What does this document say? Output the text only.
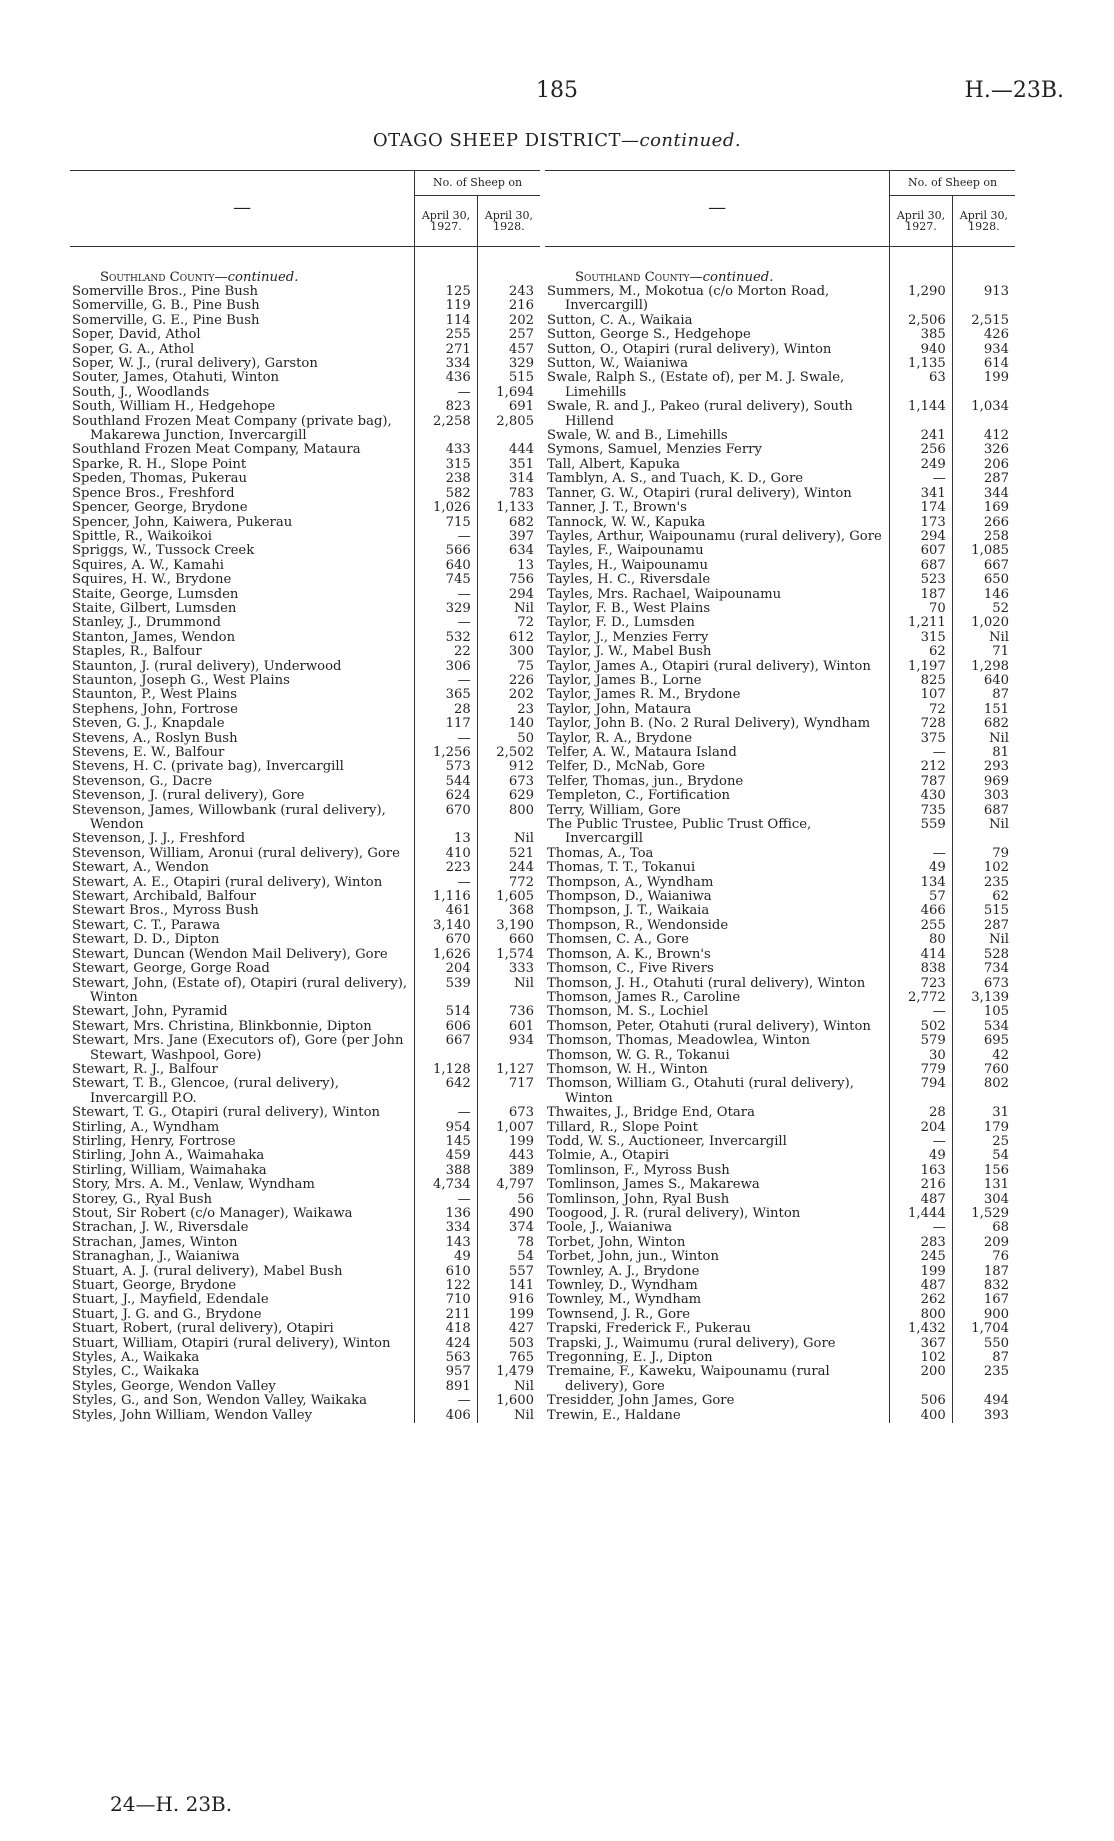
185	H.—23B.
OTAGO SHEEP DISTRICT—continued.
—	No. of Sheep on	
	April 30, 1927.	April 30, 1928.
Southland County—continued.		

Somerville Bros., Pine Bush	125	243

Somerville, G. B., Pine Bush	119	216

Somerville, G. E., Pine Bush	114	202

Soper, David, Athol	255	257

Soper, G. A., Athol	271	457

Soper, W. J., (rural delivery), Garston	334	329

Souter, James, Otahuti, Winton	436	515

South, J., Woodlands	—	1,694

South, William H., Hedgehope	823	691

Southland Frozen Meat Company (private bag), Makarewa Junction, Invercargill	2,258	2,805

Southland Frozen Meat Company, Mataura	433	444

Sparke, R. H., Slope Point	315	351

Speden, Thomas, Pukerau	238	314

Spence Bros., Freshford	582	783

Spencer, George, Brydone	1,026	1,133

Spencer, John, Kaiwera, Pukerau	715	682

Spittle, R., Waikoikoi	—	397

Spriggs, W., Tussock Creek	566	634

Squires, A. W., Kamahi	640	13

Squires, H. W., Brydone	745	756

Staite, George, Lumsden	—	294

Staite, Gilbert, Lumsden	329	Nil

Stanley, J., Drummond	—	72

Stanton, James, Wendon	532	612

Staples, R., Balfour	22	300

Staunton, J. (rural delivery), Underwood	306	75

Staunton, Joseph G., West Plains	—	226

Staunton, P., West Plains	365	202

Stephens, John, Fortrose	28	23

Steven, G. J., Knapdale	117	140

Stevens, A., Roslyn Bush	—	50

Stevens, E. W., Balfour	1,256	2,502

Stevens, H. C. (private bag), Invercargill	573	912

Stevenson, G., Dacre	544	673

Stevenson, J. (rural delivery), Gore	624	629

Stevenson, James, Willowbank (rural delivery), Wendon	670	800

Stevenson, J. J., Freshford	13	Nil

Stevenson, William, Aronui (rural delivery), Gore	410	521

Stewart, A., Wendon	223	244

Stewart, A. E., Otapiri (rural delivery), Winton	—	772

Stewart, Archibald, Balfour	1,116	1,605

Stewart Bros., Myross Bush	461	368

Stewart, C. T., Parawa	3,140	3,190

Stewart, D. D., Dipton	670	660

Stewart, Duncan (Wendon Mail Delivery), Gore	1,626	1,574

Stewart, George, Gorge Road	204	333

Stewart, John, (Estate of), Otapiri (rural delivery), Winton	539	Nil

Stewart, John, Pyramid	514	736

Stewart, Mrs. Christina, Blinkbonnie, Dipton	606	601

Stewart, Mrs. Jane (Executors of), Gore (per John Stewart, Washpool, Gore)	667	934

Stewart, R. J., Balfour	1,128	1,127

Stewart, T. B., Glencoe, (rural delivery), Invercargill P.O.	642	717

Stewart, T. G., Otapiri (rural delivery), Winton	—	673

Stirling, A., Wyndham	954	1,007

Stirling, Henry, Fortrose	145	199

Stirling, John A., Waimahaka	459	443

Stirling, William, Waimahaka	388	389

Story, Mrs. A. M., Venlaw, Wyndham	4,734	4,797

Storey, G., Ryal Bush	—	56

Stout, Sir Robert (c/o Manager), Waikawa	136	490

Strachan, J. W., Riversdale	334	374

Strachan, James, Winton	143	78

Stranaghan, J., Waianiwa	49	54

Stuart, A. J. (rural delivery), Mabel Bush	610	557

Stuart, George, Brydone	122	141

Stuart, J., Mayfield, Edendale	710	916

Stuart, J. G. and G., Brydone	211	199

Stuart, Robert, (rural delivery), Otapiri	418	427

Stuart, William, Otapiri (rural delivery), Winton	424	503

Styles, A., Waikaka	563	765

Styles, C., Waikaka	957	1,479

Styles, George, Wendon Valley	891	Nil

Styles, G., and Son, Wendon Valley, Waikaka	—	1,600

Styles, John William, Wendon Valley	406	Nil
—	No. of Sheep on	
	April 30, 1927.	April 30, 1928.
Southland County—continued.		

Summers, M., Mokotua (c/o Morton Road, Invercargill)	1,290	913

Sutton, C. A., Waikaia	2,506	2,515

Sutton, George S., Hedgehope	385	426

Sutton, O., Otapiri (rural delivery), Winton	940	934

Sutton, W., Waianiwa	1,135	614

Swale, Ralph S., (Estate of), per M. J. Swale, Limehills	63	199

Swale, R. and J., Pakeo (rural delivery), South Hillend	1,144	1,034

Swale, W. and B., Limehills	241	412

Symons, Samuel, Menzies Ferry	256	326

Tall, Albert, Kapuka	249	206

Tamblyn, A. S., and Tuach, K. D., Gore	—	287

Tanner, G. W., Otapiri (rural delivery), Winton	341	344

Tanner, J. T., Brown's	174	169

Tannock, W. W., Kapuka	173	266

Tayles, Arthur, Waipounamu (rural delivery), Gore	294	258

Tayles, F., Waipounamu	607	1,085

Tayles, H., Waipounamu	687	667

Tayles, H. C., Riversdale	523	650

Tayles, Mrs. Rachael, Waipounamu	187	146

Taylor, F. B., West Plains	70	52

Taylor, F. D., Lumsden	1,211	1,020

Taylor, J., Menzies Ferry	315	Nil

Taylor, J. W., Mabel Bush	62	71

Taylor, James A., Otapiri (rural delivery), Winton	1,197	1,298

Taylor, James B., Lorne	825	640

Taylor, James R. M., Brydone	107	87

Taylor, John, Mataura	72	151

Taylor, John B. (No. 2 Rural Delivery), Wyndham	728	682

Taylor, R. A., Brydone	375	Nil

Telfer, A. W., Mataura Island	—	81

Telfer, D., McNab, Gore	212	293

Telfer, Thomas, jun., Brydone	787	969

Templeton, C., Fortification	430	303

Terry, William, Gore	735	687

The Public Trustee, Public Trust Office, Invercargill	559	Nil

Thomas, A., Toa	—	79

Thomas, T. T., Tokanui	49	102

Thompson, A., Wyndham	134	235

Thompson, D., Waianiwa	57	62

Thompson, J. T., Waikaia	466	515

Thompson, R., Wendonside	255	287

Thomsen, C. A., Gore	80	Nil

Thomson, A. K., Brown's	414	528

Thomson, C., Five Rivers	838	734

Thomson, J. H., Otahuti (rural delivery), Winton	723	673

Thomson, James R., Caroline	2,772	3,139

Thomson, M. S., Lochiel	—	105

Thomson, Peter, Otahuti (rural delivery), Winton	502	534

Thomson, Thomas, Meadowlea, Winton	579	695

Thomson, W. G. R., Tokanui	30	42

Thomson, W. H., Winton	779	760

Thomson, William G., Otahuti (rural delivery), Winton	794	802

Thwaites, J., Bridge End, Otara	28	31

Tillard, R., Slope Point	204	179

Todd, W. S., Auctioneer, Invercargill	—	25

Tolmie, A., Otapiri	49	54

Tomlinson, F., Myross Bush	163	156

Tomlinson, James S., Makarewa	216	131

Tomlinson, John, Ryal Bush	487	304

Toogood, J. R. (rural delivery), Winton	1,444	1,529

Toole, J., Waianiwa	—	68

Torbet, John, Winton	283	209

Torbet, John, jun., Winton	245	76

Townley, A. J., Brydone	199	187

Townley, D., Wyndham	487	832

Townley, M., Wyndham	262	167

Townsend, J. R., Gore	800	900

Trapski, Frederick F., Pukerau	1,432	1,704

Trapski, J., Waimumu (rural delivery), Gore	367	550

Tregonning, E. J., Dipton	102	87

Tremaine, F., Kaweku, Waipounamu (rural delivery), Gore	200	235

Tresidder, John James, Gore	506	494

Trewin, E., Haldane	400	393
24—H. 23B.
